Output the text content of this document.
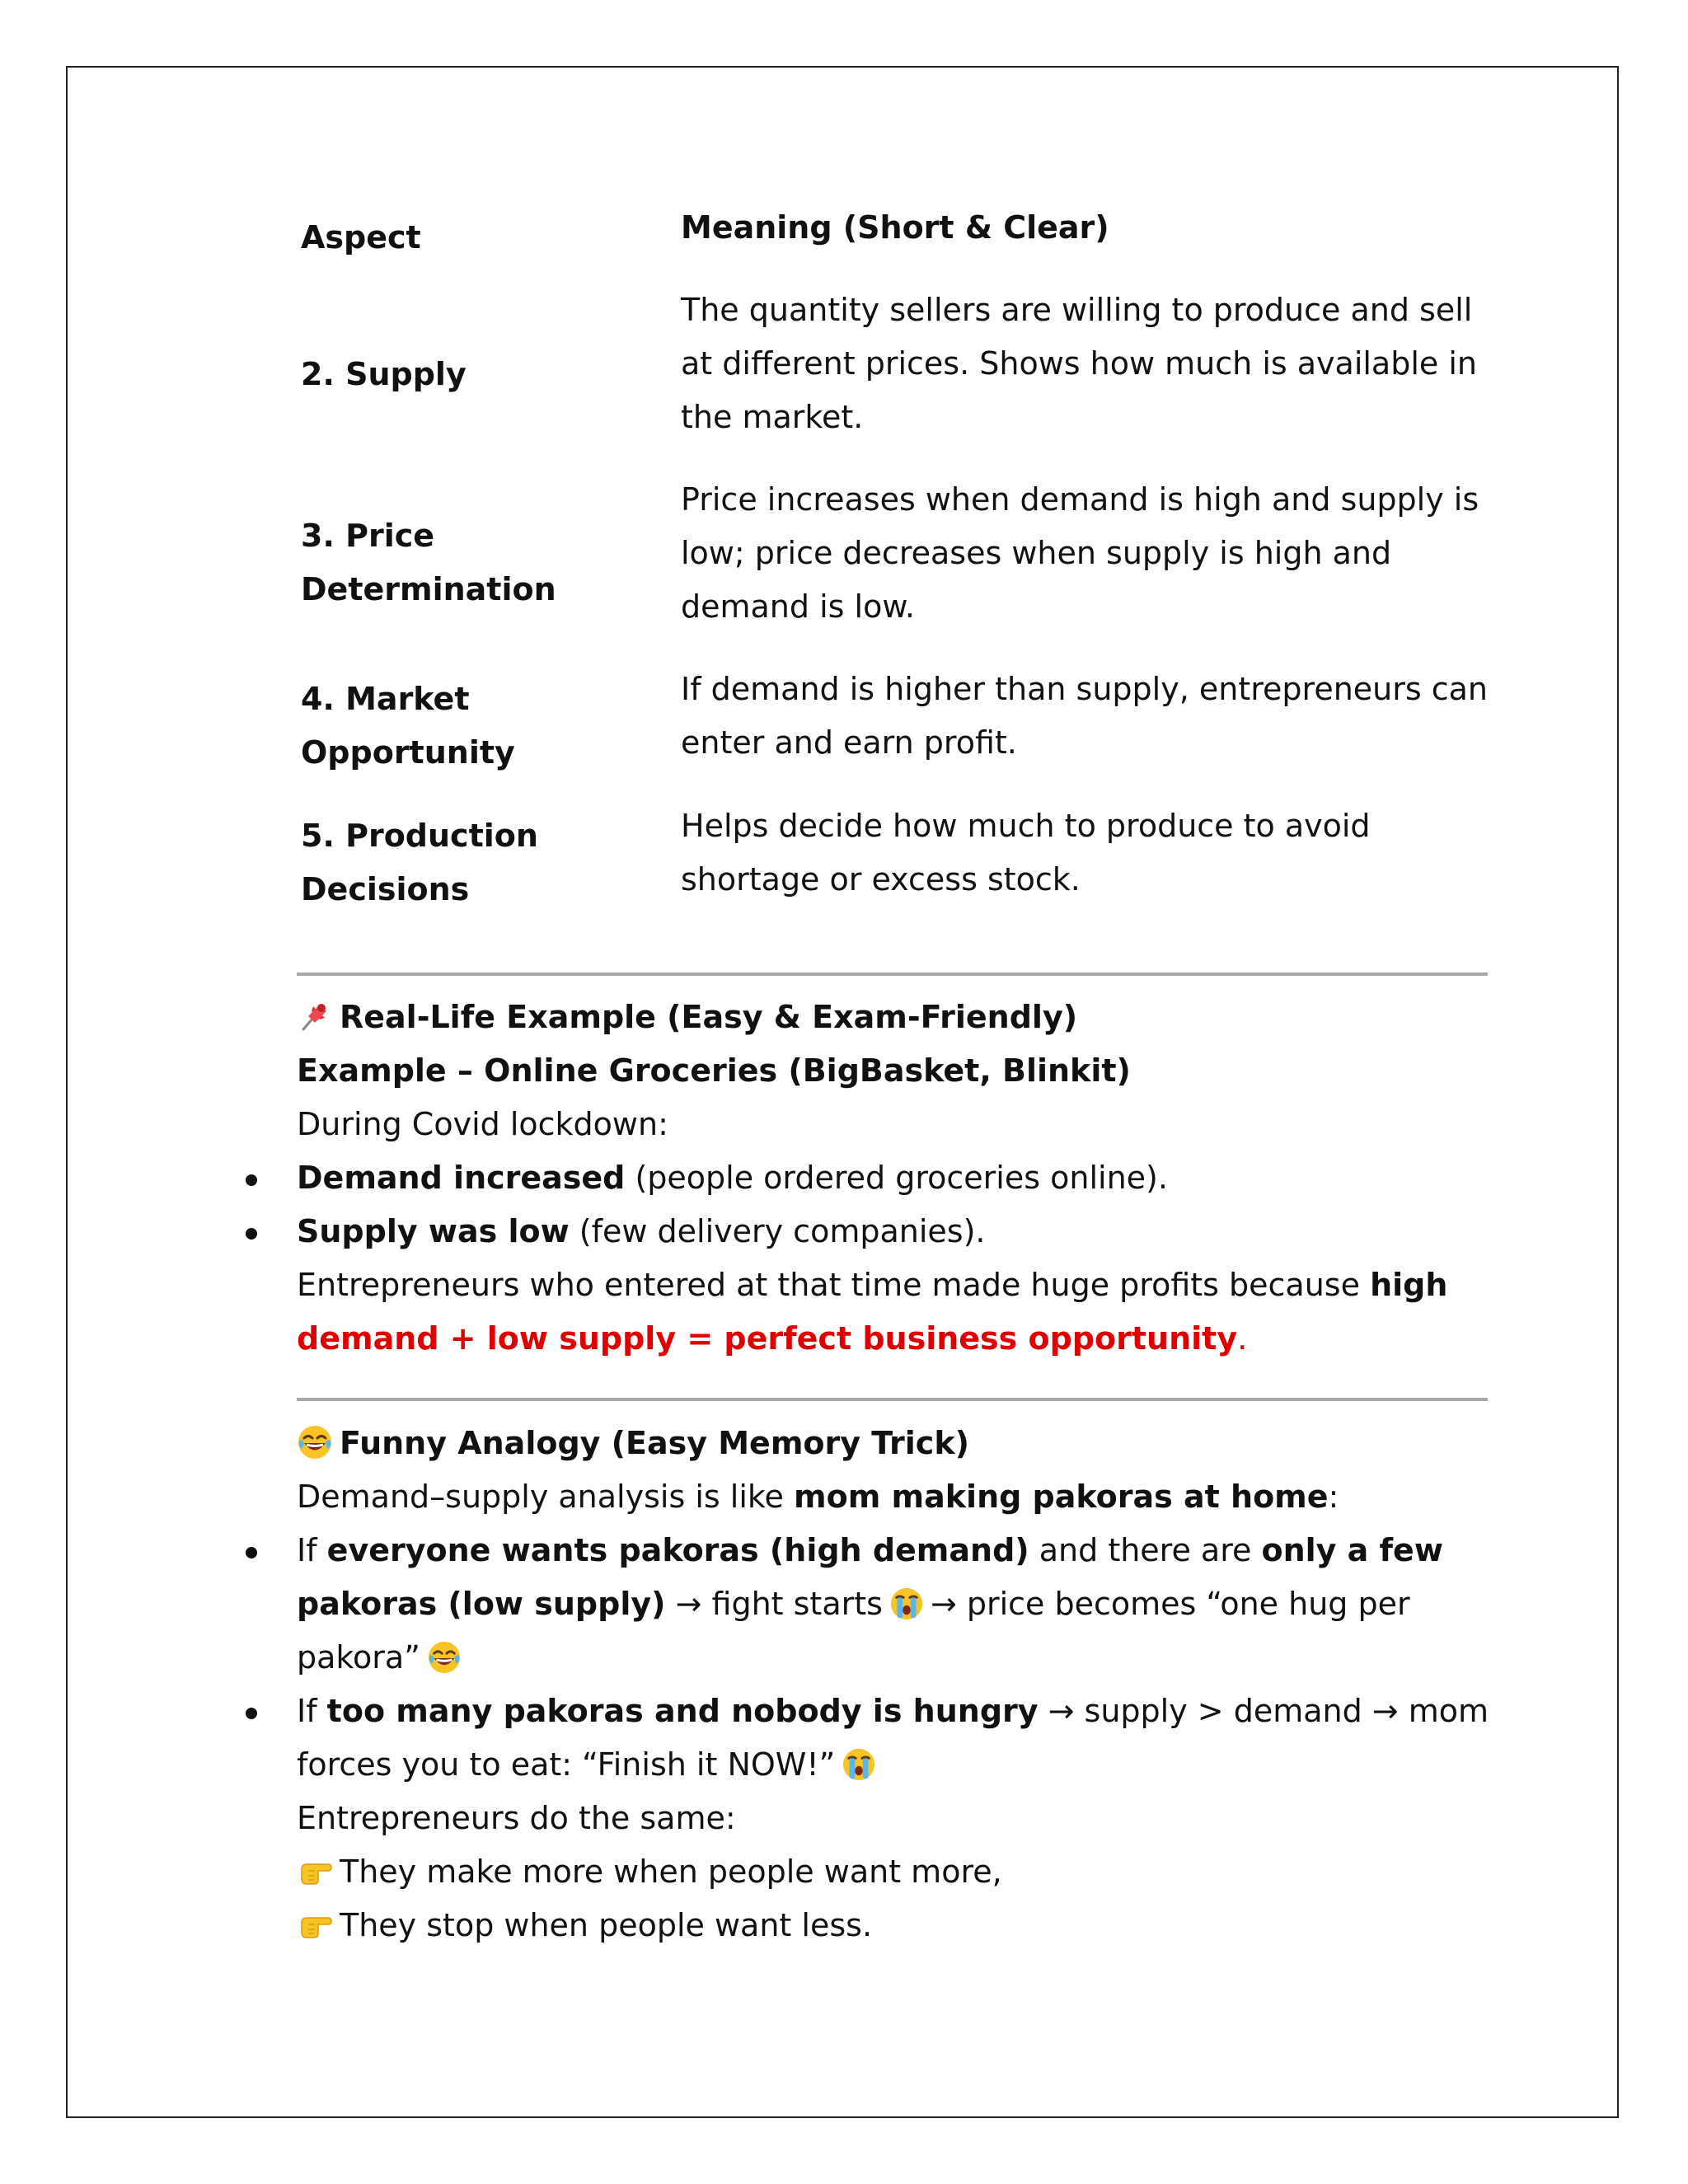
Aspect	Meaning (Short & Clear)
2. Supply
The quantity sellers are willing to produce and sell
at different prices. Shows how much is available in
the market.
3. Price
Determination
Price increases when demand is high and supply is
low; price decreases when supply is high and
demand is low.
4. Market
Opportunity
If demand is higher than supply, entrepreneurs can
enter and earn profit.
5. Production
Decisions
Helps decide how much to produce to avoid
shortage or excess stock.
Real-Life Example (Easy & Exam-Friendly)
Example – Online Groceries (BigBasket, Blinkit)
During Covid lockdown:
Demand increased (people ordered groceries online).
Supply was low (few delivery companies).
Entrepreneurs who entered at that time made huge profits because high
demand + low supply = perfect business opportunity.
Funny Analogy (Easy Memory Trick)
Demand–supply analysis is like mom making pakoras at home:
If everyone wants pakoras (high demand) and there are only a few
pakoras (low supply) → fight starts → price becomes “one hug per
pakora”
If too many pakoras and nobody is hungry → supply > demand → mom
forces you to eat: “Finish it NOW!”
Entrepreneurs do the same:
They make more when people want more,
They stop when people want less.
